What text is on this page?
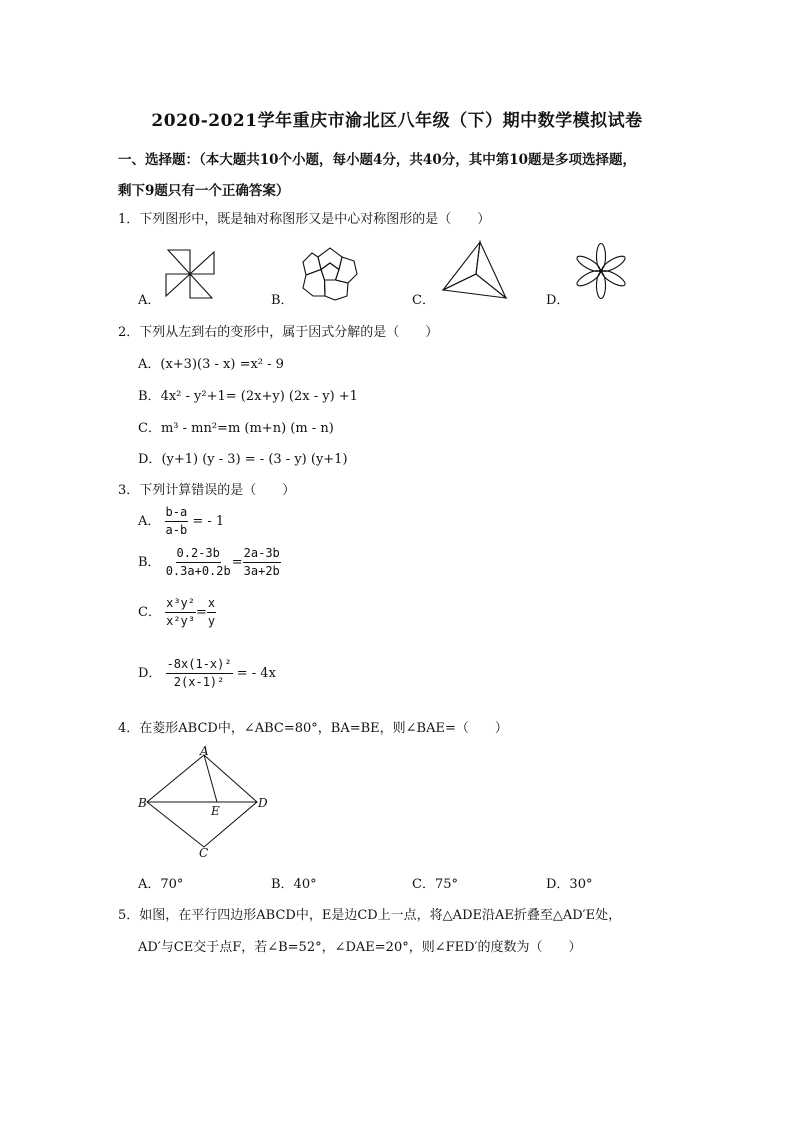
2020-2021学年重庆市渝北区八年级（下）期中数学模拟试卷
一、选择题：（本大题共10个小题，每小题4分，共40分，其中第10题是多项选择题，
剩下9题只有一个正确答案）
1．下列图形中，既是轴对称图形又是中心对称图形的是（　　）
A．	B．	C．	D．
2．下列从左到右的变形中，属于因式分解的是（　　）
A．(x+3)(3 - x) =x² - 9
B．4x² - y²+1= (2x+y) (2x - y) +1
C．m³ - mn²=m (m+n) (m - n)
D．(y+1) (y - 3) = - (3 - y) (y+1)
3．下列计算错误的是（　　）
A． $\frac{b-a}{a-b}$ = - 1
B． $\frac{0.2-3b}{0.3a+0.2b} = \frac{2a-3b}{3a+2b}$
C． $\frac{\text{x³y²}}{\text{x²y³}} = \frac{x}{y}$
D． $\frac{\text{-8x(1-x)²}}{\text{2(x-1)²}}$ = - 4x
4．在菱形ABCD中，∠ABC=80°，BA=BE，则∠BAE=（　　）
A
B
C
D
E
A．70°	B．40°	C．75°	D．30°
5．如图，在平行四边形ABCD中，E是边CD上一点，将△ADE沿AE折叠至△AD′E处，
AD′与CE交于点F，若∠B=52°，∠DAE=20°，则∠FED′的度数为（　　）
